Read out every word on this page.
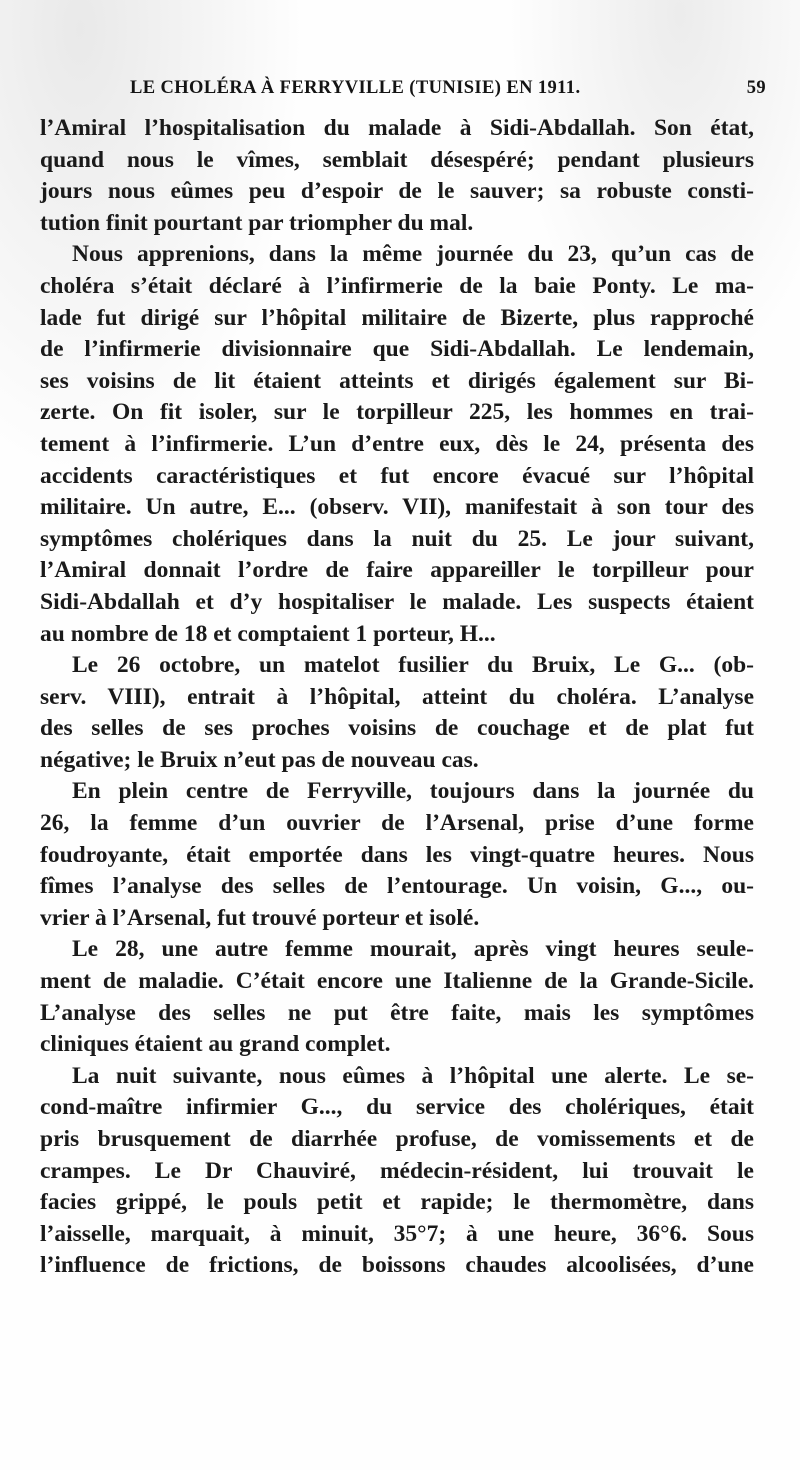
LE CHOLÉRA À FERRYVILLE (TUNISIE) EN 1911.	59
l’Amiral l’hospitalisation du malade à Sidi-Abdallah. Son état,
quand nous le vîmes, semblait désespéré; pendant plusieurs
jours nous eûmes peu d’espoir de le sauver; sa robuste consti-
tution finit pourtant par triompher du mal.
Nous apprenions, dans la même journée du 23, qu’un cas de
choléra s’était déclaré à l’infirmerie de la baie Ponty. Le ma-
lade fut dirigé sur l’hôpital militaire de Bizerte, plus rapproché
de l’infirmerie divisionnaire que Sidi-Abdallah. Le lendemain,
ses voisins de lit étaient atteints et dirigés également sur Bi-
zerte. On fit isoler, sur le torpilleur 225, les hommes en trai-
tement à l’infirmerie. L’un d’entre eux, dès le 24, présenta des
accidents caractéristiques et fut encore évacué sur l’hôpital
militaire. Un autre, E... (observ. VII), manifestait à son tour des
symptômes cholériques dans la nuit du 25. Le jour suivant,
l’Amiral donnait l’ordre de faire appareiller le torpilleur pour
Sidi-Abdallah et d’y hospitaliser le malade. Les suspects étaient
au nombre de 18 et comptaient 1 porteur, H...
Le 26 octobre, un matelot fusilier du Bruix, Le G... (ob-
serv. VIII), entrait à l’hôpital, atteint du choléra. L’analyse
des selles de ses proches voisins de couchage et de plat fut
négative; le Bruix n’eut pas de nouveau cas.
En plein centre de Ferryville, toujours dans la journée du
26, la femme d’un ouvrier de l’Arsenal, prise d’une forme
foudroyante, était emportée dans les vingt-quatre heures. Nous
fîmes l’analyse des selles de l’entourage. Un voisin, G..., ou-
vrier à l’Arsenal, fut trouvé porteur et isolé.
Le 28, une autre femme mourait, après vingt heures seule-
ment de maladie. C’était encore une Italienne de la Grande-Sicile.
L’analyse des selles ne put être faite, mais les symptômes
cliniques étaient au grand complet.
La nuit suivante, nous eûmes à l’hôpital une alerte. Le se-
cond-maître infirmier G..., du service des cholériques, était
pris brusquement de diarrhée profuse, de vomissements et de
crampes. Le Dr Chauviré, médecin-résident, lui trouvait le
facies grippé, le pouls petit et rapide; le thermomètre, dans
l’aisselle, marquait, à minuit, 35°7; à une heure, 36°6. Sous
l’influence de frictions, de boissons chaudes alcoolisées, d’une
